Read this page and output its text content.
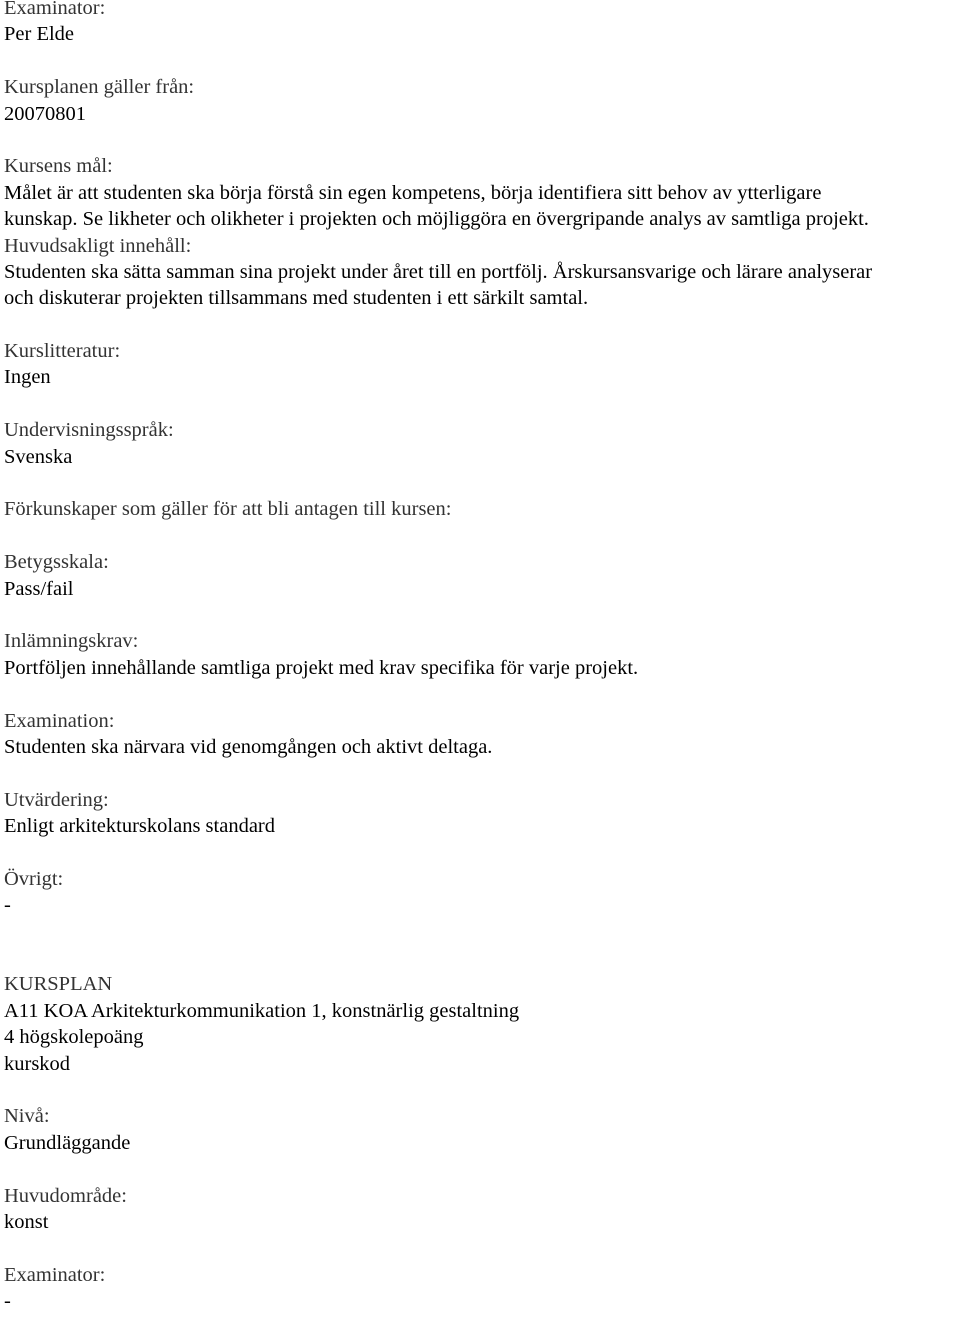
Examinator:
Per Elde
Kursplanen gäller från:
20070801
Kursens mål:
Målet är att studenten ska börja förstå sin egen kompetens, börja identifiera sitt behov av ytterligare
kunskap. Se likheter och olikheter i projekten och möjliggöra en övergripande analys av samtliga projekt.
Huvudsakligt innehåll:
Studenten ska sätta samman sina projekt under året till en portfölj. Årskursansvarige och lärare analyserar
och diskuterar projekten tillsammans med studenten i ett särkilt samtal.
Kurslitteratur:
Ingen
Undervisningsspråk:
Svenska
Förkunskaper som gäller för att bli antagen till kursen:
Betygsskala:
Pass/fail
Inlämningskrav:
Portföljen innehållande samtliga projekt med krav specifika för varje projekt.
Examination:
Studenten ska närvara vid genomgången och aktivt deltaga.
Utvärdering:
Enligt arkitekturskolans standard
Övrigt:
-
KURSPLAN
A11 KOA Arkitekturkommunikation 1, konstnärlig gestaltning
4 högskolepoäng
kurskod
Nivå:
Grundläggande
Huvudområde:
konst
Examinator:
-
